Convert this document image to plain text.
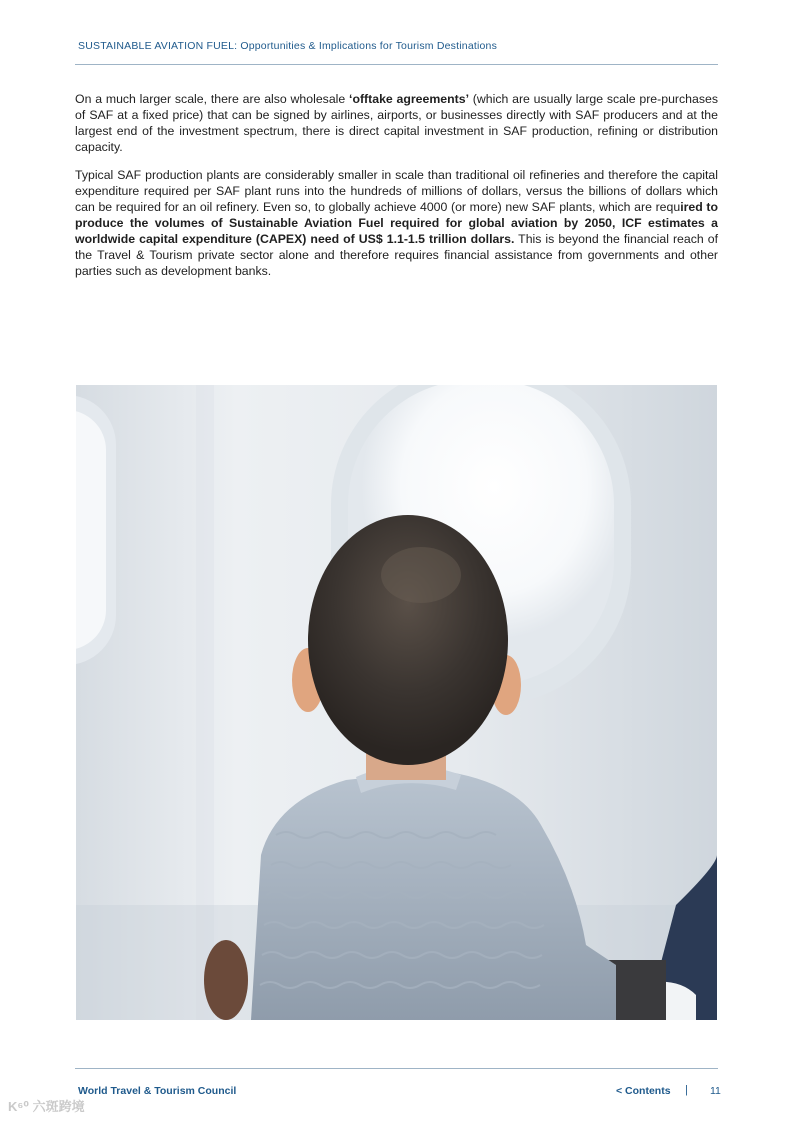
SUSTAINABLE AVIATION FUEL: Opportunities & Implications for Tourism Destinations

On a much larger scale, there are also wholesale ‘offtake agreements’ (which are usually large scale pre-purchases of SAF at a fixed price) that can be signed by airlines, airports, or businesses directly with SAF producers and at the largest end of the investment spectrum, there is direct capital investment in SAF production, refining or distribution capacity.

Typical SAF production plants are considerably smaller in scale than traditional oil refineries and therefore the capital expenditure required per SAF plant runs into the hundreds of millions of dollars, versus the billions of dollars which can be required for an oil refinery. Even so, to globally achieve 4000 (or more) new SAF plants, which are required to produce the volumes of Sustainable Aviation Fuel required for global aviation by 2050, ICF estimates a worldwide capital expenditure (CAPEX) need of US$ 1.1-1.5 trillion dollars. This is beyond the financial reach of the Travel & Tourism private sector alone and therefore requires financial assistance from governments and other parties such as development banks.

World Travel & Tourism Council	< Contents | 11
K⁶⁰ 六斑跨境
